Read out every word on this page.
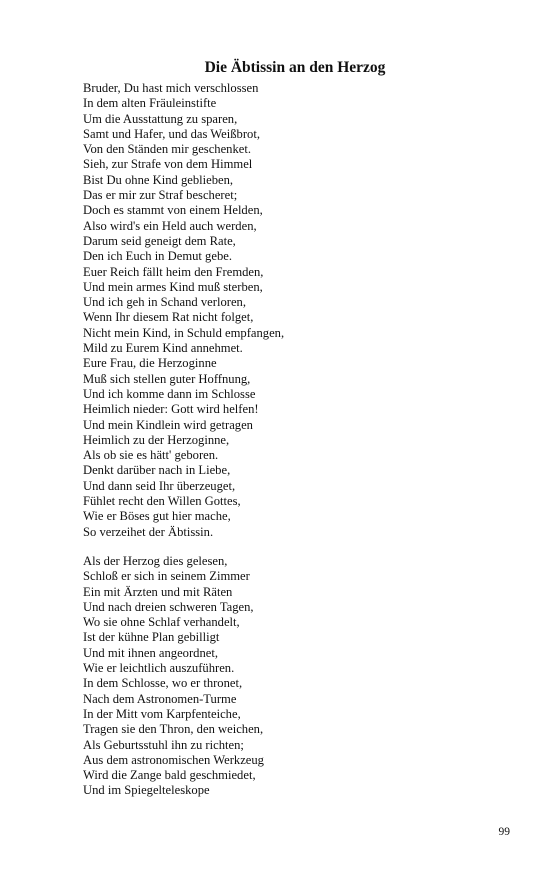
Die Äbtissin an den Herzog
Bruder, Du hast mich verschlossen
In dem alten Fräuleinstifte
Um die Ausstattung zu sparen,
Samt und Hafer, und das Weißbrot,
Von den Ständen mir geschenket.
Sieh, zur Strafe von dem Himmel
Bist Du ohne Kind geblieben,
Das er mir zur Straf bescheret;
Doch es stammt von einem Helden,
Also wird's ein Held auch werden,
Darum seid geneigt dem Rate,
Den ich Euch in Demut gebe.
Euer Reich fällt heim den Fremden,
Und mein armes Kind muß sterben,
Und ich geh in Schand verloren,
Wenn Ihr diesem Rat nicht folget,
Nicht mein Kind, in Schuld empfangen,
Mild zu Eurem Kind annehmet.
Eure Frau, die Herzoginne
Muß sich stellen guter Hoffnung,
Und ich komme dann im Schlosse
Heimlich nieder: Gott wird helfen!
Und mein Kindlein wird getragen
Heimlich zu der Herzoginne,
Als ob sie es hätt' geboren.
Denkt darüber nach in Liebe,
Und dann seid Ihr überzeuget,
Fühlet recht den Willen Gottes,
Wie er Böses gut hier mache,
So verzeihet der Äbtissin.
Als der Herzog dies gelesen,
Schloß er sich in seinem Zimmer
Ein mit Ärzten und mit Räten
Und nach dreien schweren Tagen,
Wo sie ohne Schlaf verhandelt,
Ist der kühne Plan gebilligt
Und mit ihnen angeordnet,
Wie er leichtlich auszuführen.
In dem Schlosse, wo er thronet,
Nach dem Astronomen-Turme
In der Mitt vom Karpfenteiche,
Tragen sie den Thron, den weichen,
Als Geburtsstuhl ihn zu richten;
Aus dem astronomischen Werkzeug
Wird die Zange bald geschmiedet,
Und im Spiegelteleskope
99
